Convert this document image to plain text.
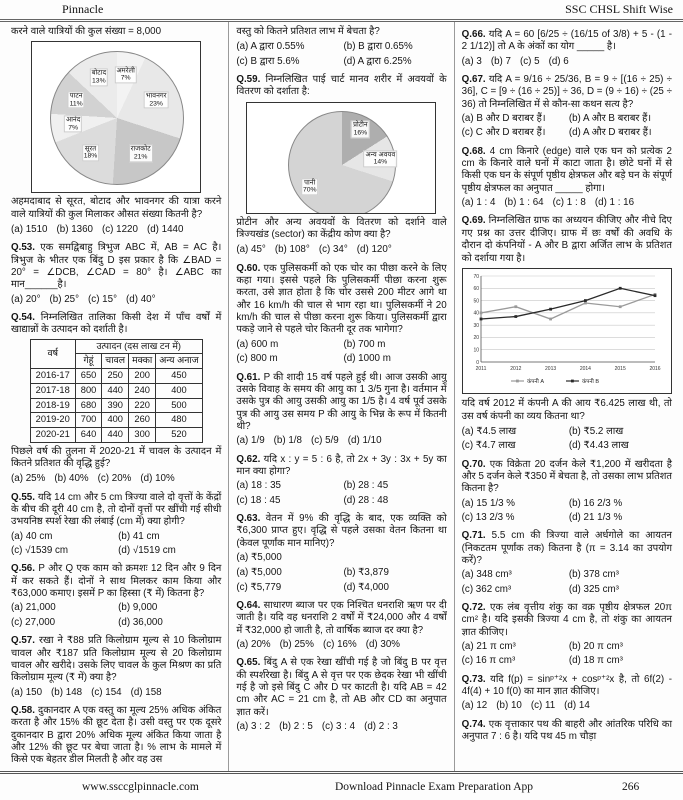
Pinnacle	SSC CHSL Shift Wise
करने वाले यात्रियों की कुल संख्या = 8,000
अमरेली
7%
भावनगर
23%
राजकोट
21%
सूरत
18%
आनंद
7%
पाटन
11%
बोटाद
13%
अहमदाबाद से सूरत, बोटाद और भावनगर की यात्रा करने वाले यात्रियों की कुल मिलाकर औसत संख्या कितनी है?
(a) 1510 (b) 1360 (c) 1220 (d) 1440
Q.53. एक समद्विबाहु त्रिभुज ABC में, AB = AC है। त्रिभुज के भीतर एक बिंदु D इस प्रकार है कि ∠BAD = 20° = ∠DCB, ∠CAD = 80° है। ∠ABC का मान______है।
(a) 20° (b) 25° (c) 15° (d) 40°
Q.54. निम्नलिखित तालिका किसी देश में पाँच वर्षों में खाद्यान्नों के उत्पादन को दर्शाती है।
वर्ष	उत्पादन (दस लाख टन में)			
	गेहूं	चावल	मक्का	अन्य अनाज
2016-17	650	250	200	450
2017-18	800	440	240	400
2018-19	680	390	220	500
2019-20	700	400	260	480
2020-21	640	440	300	520
पिछले वर्ष की तुलना में 2020-21 में चावल के उत्पादन में कितने प्रतिशत की वृद्धि हुई?
(a) 25% (b) 40% (c) 20% (d) 10%
Q.55. यदि 14 cm और 5 cm त्रिज्या वाले दो वृत्तों के केंद्रों के बीच की दूरी 40 cm है, तो दोनों वृत्तों पर खींची गई सीधी उभयनिष्ठ स्पर्श रेखा की लंबाई (cm में) क्या होगी?
(a) 40 cm	(b) 41 cm
(c) √1539 cm	(d) √1519 cm
Q.56. P और Q एक काम को क्रमशः 12 दिन और 9 दिन में कर सकते हैं। दोनों ने साथ मिलकर काम किया और ₹63,000 कमाए। इसमें P का हिस्सा (₹ में) कितना है?
(a) 21,000	(b) 9,000
(c) 27,000	(d) 36,000
Q.57. रखा ने ₹88 प्रति किलोग्राम मूल्य से 10 किलोग्राम चावल और ₹187 प्रति किलोग्राम मूल्य से 20 किलोग्राम चावल और खरीदे। उसके लिए चावल के कुल मिश्रण का प्रति किलोग्राम मूल्य (₹ में) क्या है?
(a) 150 (b) 148 (c) 154 (d) 158
Q.58. दुकानदार A एक वस्तु का मूल्य 25% अधिक अंकित करता है और 15% की छूट देता है। उसी वस्तु पर एक दूसरे दुकानदार B द्वारा 20% अधिक मूल्य अंकित किया जाता है और 12% की छूट पर बेचा जाता है। % लाभ के मामले में किसे एक बेहतर डील मिलती है और वह उस
वस्तु को कितने प्रतिशत लाभ में बेचता है?
(a) A द्वारा 0.55%	(b) B द्वारा 0.65%
(c) B द्वारा 5.6%	(d) A द्वारा 6.25%
Q.59. निम्नलिखित पाई चार्ट मानव शरीर में अवयवों के वितरण को दर्शाता है:
प्रोटीन
16%
अन्य अवयव
14%
पानी
70%
प्रोटीन और अन्य अवयवों के वितरण को दर्शाने वाले त्रिज्यखंड (sector) का केंद्रीय कोण क्या है?
(a) 45° (b) 108° (c) 34° (d) 120°
Q.60. एक पुलिसकर्मी को एक चोर का पीछा करने के लिए कहा गया। इससे पहले कि पुलिसकर्मी पीछा करना शुरू करता, उसे ज्ञात होता है कि चोर उससे 200 मीटर आगे था और 16 km/h की चाल से भाग रहा था। पुलिसकर्मी ने 20 km/h की चाल से पीछा करना शुरू किया। पुलिसकर्मी द्वारा पकड़े जाने से पहले चोर कितनी दूर तक भागेगा?
(a) 600 m	(b) 700 m
(c) 800 m	(d) 1000 m
Q.61. P की शादी 15 वर्ष पहले हुई थी। आज उसकी आयु उसके विवाह के समय की आयु का 1 3/5 गुना है। वर्तमान में उसके पुत्र की आयु उसकी आयु का 1/5 है। 4 वर्ष पूर्व उसके पुत्र की आयु उस समय P की आयु के भिन्न के रूप में कितनी थी?
(a) 1/9 (b) 1/8 (c) 5/9 (d) 1/10
Q.62. यदि x : y = 5 : 6 है, तो 2x + 3y : 3x + 5y का मान क्या होगा?
(a) 18 : 35	(b) 28 : 45
(c) 18 : 45	(d) 28 : 48
Q.63. वेतन में 9% की वृद्धि के बाद, एक व्यक्ति को ₹6,300 प्राप्त हुए। वृद्धि से पहले उसका वेतन कितना था (केवल पूर्णांक मान मानिए)?
(a) ₹5,000
(a) ₹5,000	(b) ₹3,879
(c) ₹5,779	(d) ₹4,000
Q.64. साधारण ब्याज पर एक निश्चित धनराशि ऋण पर दी जाती है। यदि वह धनराशि 2 वर्षों में ₹24,000 और 4 वर्षों में ₹32,000 हो जाती है, तो वार्षिक ब्याज दर क्या है?
(a) 20% (b) 25% (c) 16% (d) 30%
Q.65. बिंदु A से एक रेखा खींची गई है जो बिंदु B पर वृत्त की स्पर्शरेखा है। बिंदु A से वृत्त पर एक छेदक रेखा भी खींची गई है जो इसे बिंदु C और D पर काटती है। यदि AB = 42 cm और AC = 21 cm है, तो AB और CD का अनुपात ज्ञात करें।
(a) 3 : 2 (b) 2 : 5 (c) 3 : 4 (d) 2 : 3
Q.66. यदि A = 60 [6/25 ÷ (16/15 of 3/8) + 5 - (1 - 2 1/12)] तो A के अंकों का योग _____ है।
(a) 3 (b) 7 (c) 5 (d) 6
Q.67. यदि A = 9/16 ÷ 25/36, B = 9 ÷ [(16 ÷ 25) ÷ 36], C = [9 ÷ (16 ÷ 25)] ÷ 36, D = (9 ÷ 16) ÷ (25 ÷ 36) तो निम्नलिखित में से कौन-सा कथन सत्य है?
(a) B और D बराबर हैं।	(b) A और B बराबर हैं।
(c) C और D बराबर हैं।	(d) A और D बराबर हैं।
Q.68. 4 cm किनारे (edge) वाले एक घन को प्रत्येक 2 cm के किनारे वाले घनों में काटा जाता है। छोटे घनों में से किसी एक घन के संपूर्ण पृष्ठीय क्षेत्रफल और बड़े घन के संपूर्ण पृष्ठीय क्षेत्रफल का अनुपात _____ होगा।
(a) 1 : 4 (b) 1 : 64 (c) 1 : 8 (d) 1 : 16
Q.69. निम्नलिखित ग्राफ का अध्ययन कीजिए और नीचे दिए गए प्रश्न का उत्तर दीजिए। ग्राफ में छः वर्षों की अवधि के दौरान दो कंपनियों - A और B द्वारा अर्जित लाभ के प्रतिशत को दर्शाया गया है।
0
10
20
30
40
50
60
70
2011	2012	2013	2014	2015	2016
कंपनी A	कंपनी B
यदि वर्ष 2012 में कंपनी A की आय ₹6.425 लाख थी, तो उस वर्ष कंपनी का व्यय कितना था?
(a) ₹4.5 लाख	(b) ₹5.2 लाख
(c) ₹4.7 लाख	(d) ₹4.43 लाख
Q.70. एक विक्रेता 20 दर्जन केले ₹1,200 में खरीदता है और 5 दर्जन केले ₹350 में बेचता है, तो उसका लाभ प्रतिशत कितना है?
(a) 15 1/3 %	(b) 16 2/3 %
(c) 13 2/3 %	(d) 21 1/3 %
Q.71. 5.5 cm की त्रिज्या वाले अर्धगोले का आयतन (निकटतम पूर्णांक तक) कितना है (π = 3.14 का उपयोग करें)?
(a) 348 cm³	(b) 378 cm³
(c) 362 cm³	(d) 325 cm³
Q.72. एक लंब वृत्तीय शंकु का वक्र पृष्ठीय क्षेत्रफल 20π cm² है। यदि इसकी त्रिज्या 4 cm है, तो शंकु का आयतन ज्ञात कीजिए।
(a) 21 π cm³	(b) 20 π cm³
(c) 16 π cm³	(d) 18 π cm³
Q.73. यदि f(p) = sinᵖ⁺²x + cosᵖ⁺²x है, तो 6f(2) - 4f(4) + 10 f(0) का मान ज्ञात कीजिए।
(a) 12 (b) 10 (c) 11 (d) 14
Q.74. एक वृत्ताकार पथ की बाहरी और आंतरिक परिधि का अनुपात 7 : 6 है। यदि पथ 45 m चौड़ा
www.ssccglpinnacle.com	Download Pinnacle Exam Preparation App	266
